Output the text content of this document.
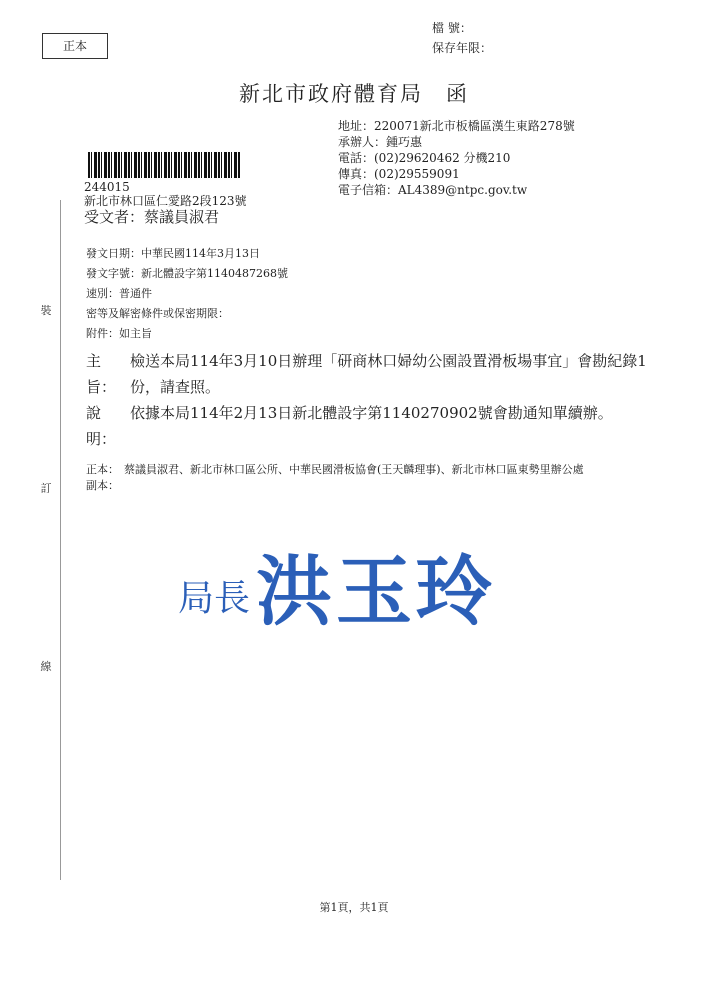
正本
檔 號：
保存年限：
新北市政府體育局　函
地址：220071新北市板橋區漢生東路278號
承辦人：鍾巧惠
電話：(02)29620462 分機210
傳真：(02)29559091
電子信箱：AL4389@ntpc.gov.tw
244015
新北市林口區仁愛路2段123號
受文者：蔡議員淑君
發文日期：中華民國114年3月13日
發文字號：新北體設字第1140487268號
速別：普通件
密等及解密條件或保密期限：
附件：如主旨
主旨：
檢送本局114年3月10日辦理「研商林口婦幼公園設置滑板場事宜」會勘紀錄1份，請查照。
說明：
依據本局114年2月13日新北體設字第1140270902號會勘通知單續辦。
正本： 蔡議員淑君、新北市林口區公所、中華民國滑板協會(王天麟理事)、新北市林口區東勢里辦公處
副本：
裝
訂
線
局長 洪玉玲
第1頁，共1頁
